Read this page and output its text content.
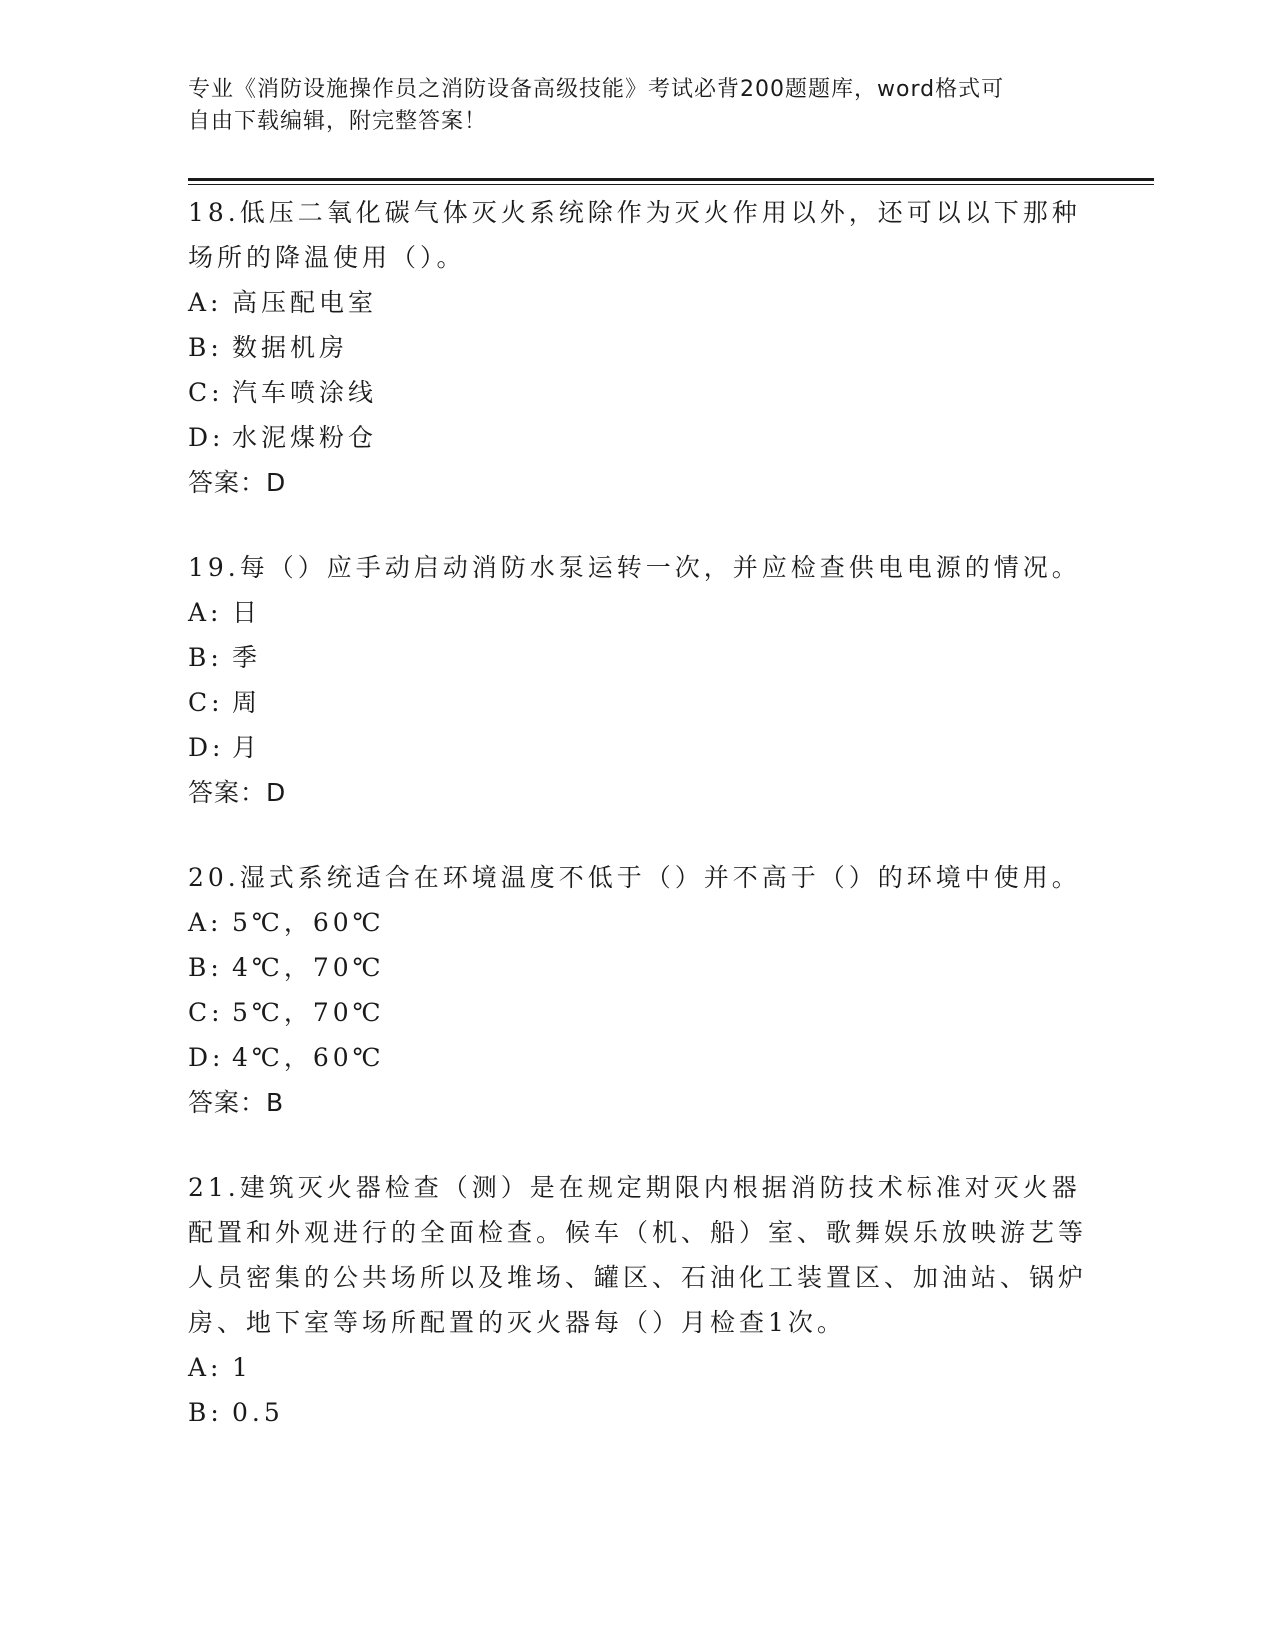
专业《消防设施操作员之消防设备高级技能》考试必背200题题库，word格式可
自由下载编辑，附完整答案！
18.低压二氧化碳气体灭火系统除作为灭火作用以外，还可以以下那种场所的降温使用（）。
A: 高压配电室
B: 数据机房
C: 汽车喷涂线
D: 水泥煤粉仓
答案：D
19.每（）应手动启动消防水泵运转一次，并应检查供电电源的情况。
A: 日
B: 季
C: 周
D: 月
答案：D
20.湿式系统适合在环境温度不低于（）并不高于（）的环境中使用。
A: 5℃，60℃
B: 4℃，70℃
C: 5℃，70℃
D: 4℃，60℃
答案：B
21.建筑灭火器检查（测）是在规定期限内根据消防技术标准对灭火器配置和外观进行的全面检查。候车（机、船）室、歌舞娱乐放映游艺等人员密集的公共场所以及堆场、罐区、石油化工装置区、加油站、锅炉房、地下室等场所配置的灭火器每（）月检查1次。
A: 1
B: 0.5
